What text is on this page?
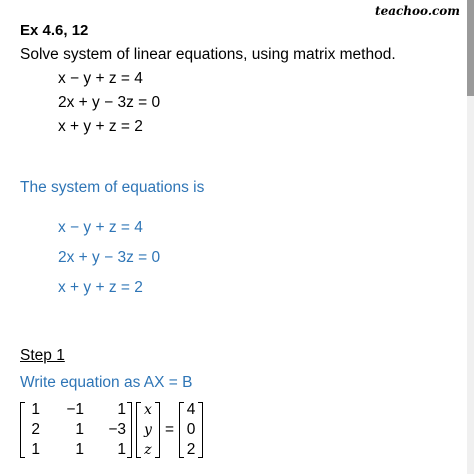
teachoo.com
Ex 4.6, 12
Solve system of linear equations, using matrix method.
x − y + z = 4
2x + y − 3z = 0
x + y + z = 2
The system of equations is
x − y + z = 4
2x + y − 3z = 0
x + y + z = 2
Step 1
Write equation as AX = B
1	−1	1
2	1	−3
1	1	1
x
y
z
=
4
0
2
